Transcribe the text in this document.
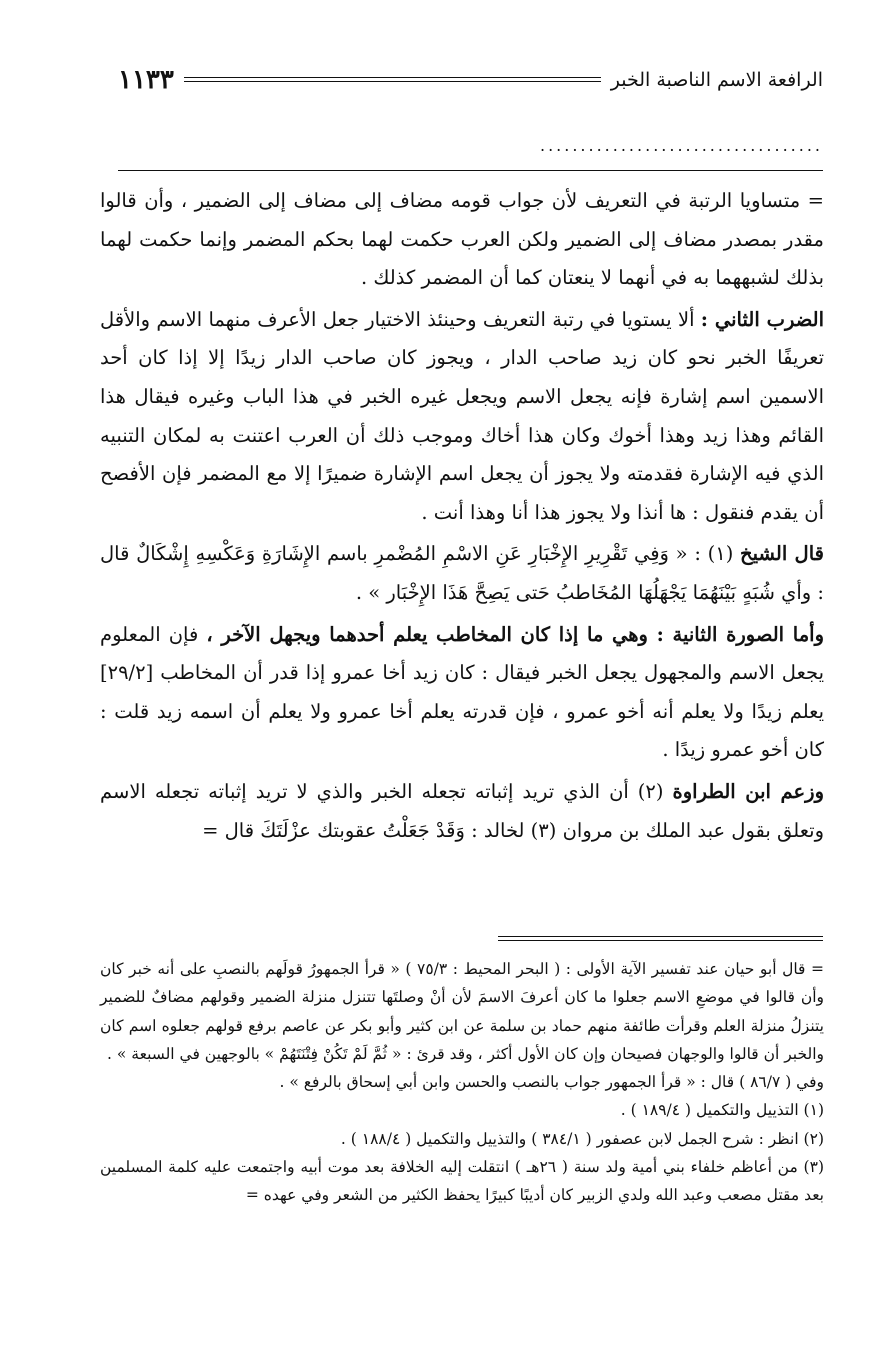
الرافعة الاسم الناصبة الخبر
١١٣٣
...................................

= متساويا الرتبة في التعريف لأن جواب قومه مضاف إلى مضاف إلى الضمير ، وأن قالوا مقدر بمصدر مضاف إلى الضمير ولكن العرب حكمت لهما بحكم المضمر وإنما حكمت لهما بذلك لشبههما به في أنهما لا ينعتان كما أن المضمر كذلك .

الضرب الثاني : ألا يستويا في رتبة التعريف وحينئذ الاختيار جعل الأعرف منهما الاسم والأقل تعريفًا الخبر نحو كان زيد صاحب الدار ، ويجوز كان صاحب الدار زيدًا إلا إذا كان أحد الاسمين اسم إشارة فإنه يجعل الاسم ويجعل غيره الخبر في هذا الباب وغيره فيقال هذا القائم وهذا زيد وهذا أخوك وكان هذا أخاك وموجب ذلك أن العرب اعتنت به لمكان التنبيه الذي فيه الإشارة فقدمته ولا يجوز أن يجعل اسم الإشارة ضميرًا إلا مع المضمر فإن الأفصح أن يقدم فنقول : ها أنذا ولا يجوز هذا أنا وهذا أنت .

قال الشيخ (١) : « وَفِي تَقْرِيرِ الإِخْبَارِ عَنِ الاسْمِ المُضْمرِ باسم الإِشَارَةِ وَعَكْسِهِ إِشْكَالٌ قال : وأي شُبَهٍ بَيْنَهُمَا يَجْهَلُهَا المُخَاطبُ حَتى يَصِحَّ هَذَا الإِخْبَار » .

وأما الصورة الثانية : وهي ما إذا كان المخاطب يعلم أحدهما ويجهل الآخر ، فإن المعلوم يجعل الاسم والمجهول يجعل الخبر فيقال : كان زيد أخا عمرو إذا قدر أن المخاطب [٢٩/٢] يعلم زيدًا ولا يعلم أنه أخو عمرو ، فإن قدرته يعلم أخا عمرو ولا يعلم أن اسمه زيد قلت : كان أخو عمرو زيدًا .

وزعم ابن الطراوة (٢) أن الذي تريد إثباته تجعله الخبر والذي لا تريد إثباته تجعله الاسم وتعلق بقول عبد الملك بن مروان (٣) لخالد : وَقَدْ جَعَلْتُ عقوبتك عزْلَتَكَ قال =

= قال أبو حيان عند تفسير الآية الأولى : ( البحر المحيط : ٧٥/٣ ) « قرأ الجمهورُ قولَهم بالنصبِ على أنه خبر كان وأن قالوا في موضعِ الاسم جعلوا ما كان أعرفَ الاسمَ لأن أنْ وصلتَها تتنزل منزلة الضمير وقولهم مضافٌ للضمير يتنزلُ منزلة العلم وقرأت طائفة منهم حماد بن سلمة عن ابن كثير وأبو بكر عن عاصم برفع قولهم جعلوه اسم كان والخبر أن قالوا والوجهان فصيحان وإن كان الأول أكثر ، وقد قرئ : « ثُمَّ لَمْ تَكُنْ فِتْنَتَهُمْ » بالوجهين في السبعة » .

وفي ( ٨٦/٧ ) قال : « قرأ الجمهور جواب بالنصب والحسن وابن أبي إسحاق بالرفع » .

(١) التذييل والتكميل ( ١٨٩/٤ ) .

(٢) انظر : شرح الجمل لابن عصفور ( ٣٨٤/١ ) والتذييل والتكميل ( ١٨٨/٤ ) .

(٣) من أعاظم خلفاء بني أمية ولد سنة ( ٢٦هـ ) انتقلت إليه الخلافة بعد موت أبيه واجتمعت عليه كلمة المسلمين بعد مقتل مصعب وعبد الله ولدي الزبير كان أديبًا كبيرًا يحفظ الكثير من الشعر وفي عهده =
